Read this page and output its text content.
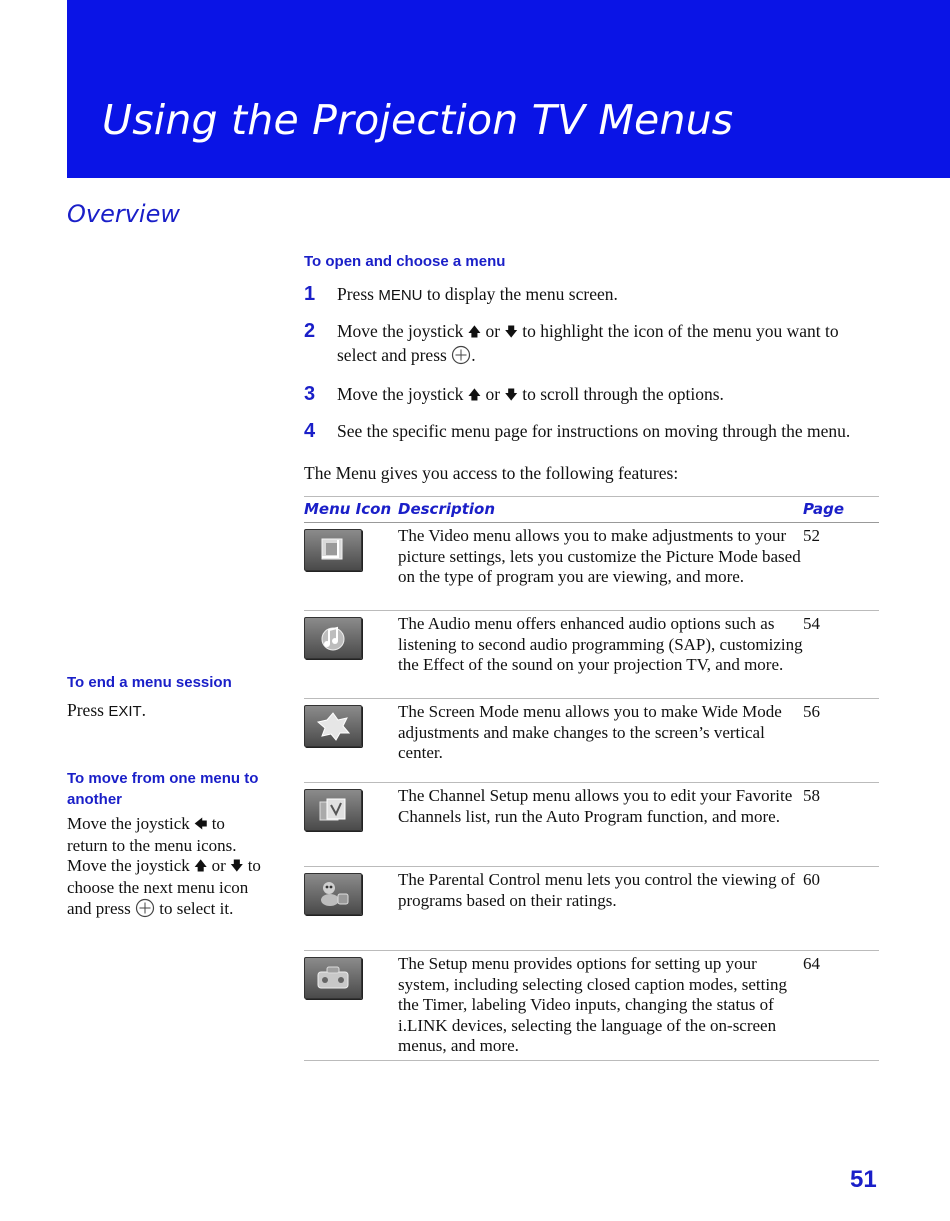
Using the Projection TV Menus
Overview
To open and choose a menu
1	Press MENU to display the menu screen.
2	Move the joystick 🡅 or 🡇 to highlight the icon of the menu you want to select and press .
3	Move the joystick 🡅 or 🡇 to scroll through the options.
4	See the specific menu page for instructions on moving through the menu.

The Menu gives you access to the following features:

Menu Icon	Description	Page

	The Video menu allows you to make adjustments to your picture settings, lets you customize the Picture Mode based on the type of program you are viewing, and more.	52

	The Audio menu offers enhanced audio options such as listening to second audio programming (SAP), customizing the Effect of the sound on your projection TV, and more.	54

	The Screen Mode menu allows you to make Wide Mode adjustments and make changes to the screen’s vertical center.	56

	The Channel Setup menu allows you to edit your Favorite Channels list, run the Auto Program function, and more.	58

	The Parental Control menu lets you control the viewing of programs based on their ratings.	60

	The Setup menu provides options for setting up your system, including selecting closed caption modes, setting the Timer, labeling Video inputs, changing the status of i.LINK devices, selecting the language of the on-screen menus, and more.	64
To end a menu session
Press EXIT.
To move from one menu to another
Move the joystick 🡄 to return to the menu icons. Move the joystick 🡅 or 🡇 to choose the next menu icon and press  to select it.
51
